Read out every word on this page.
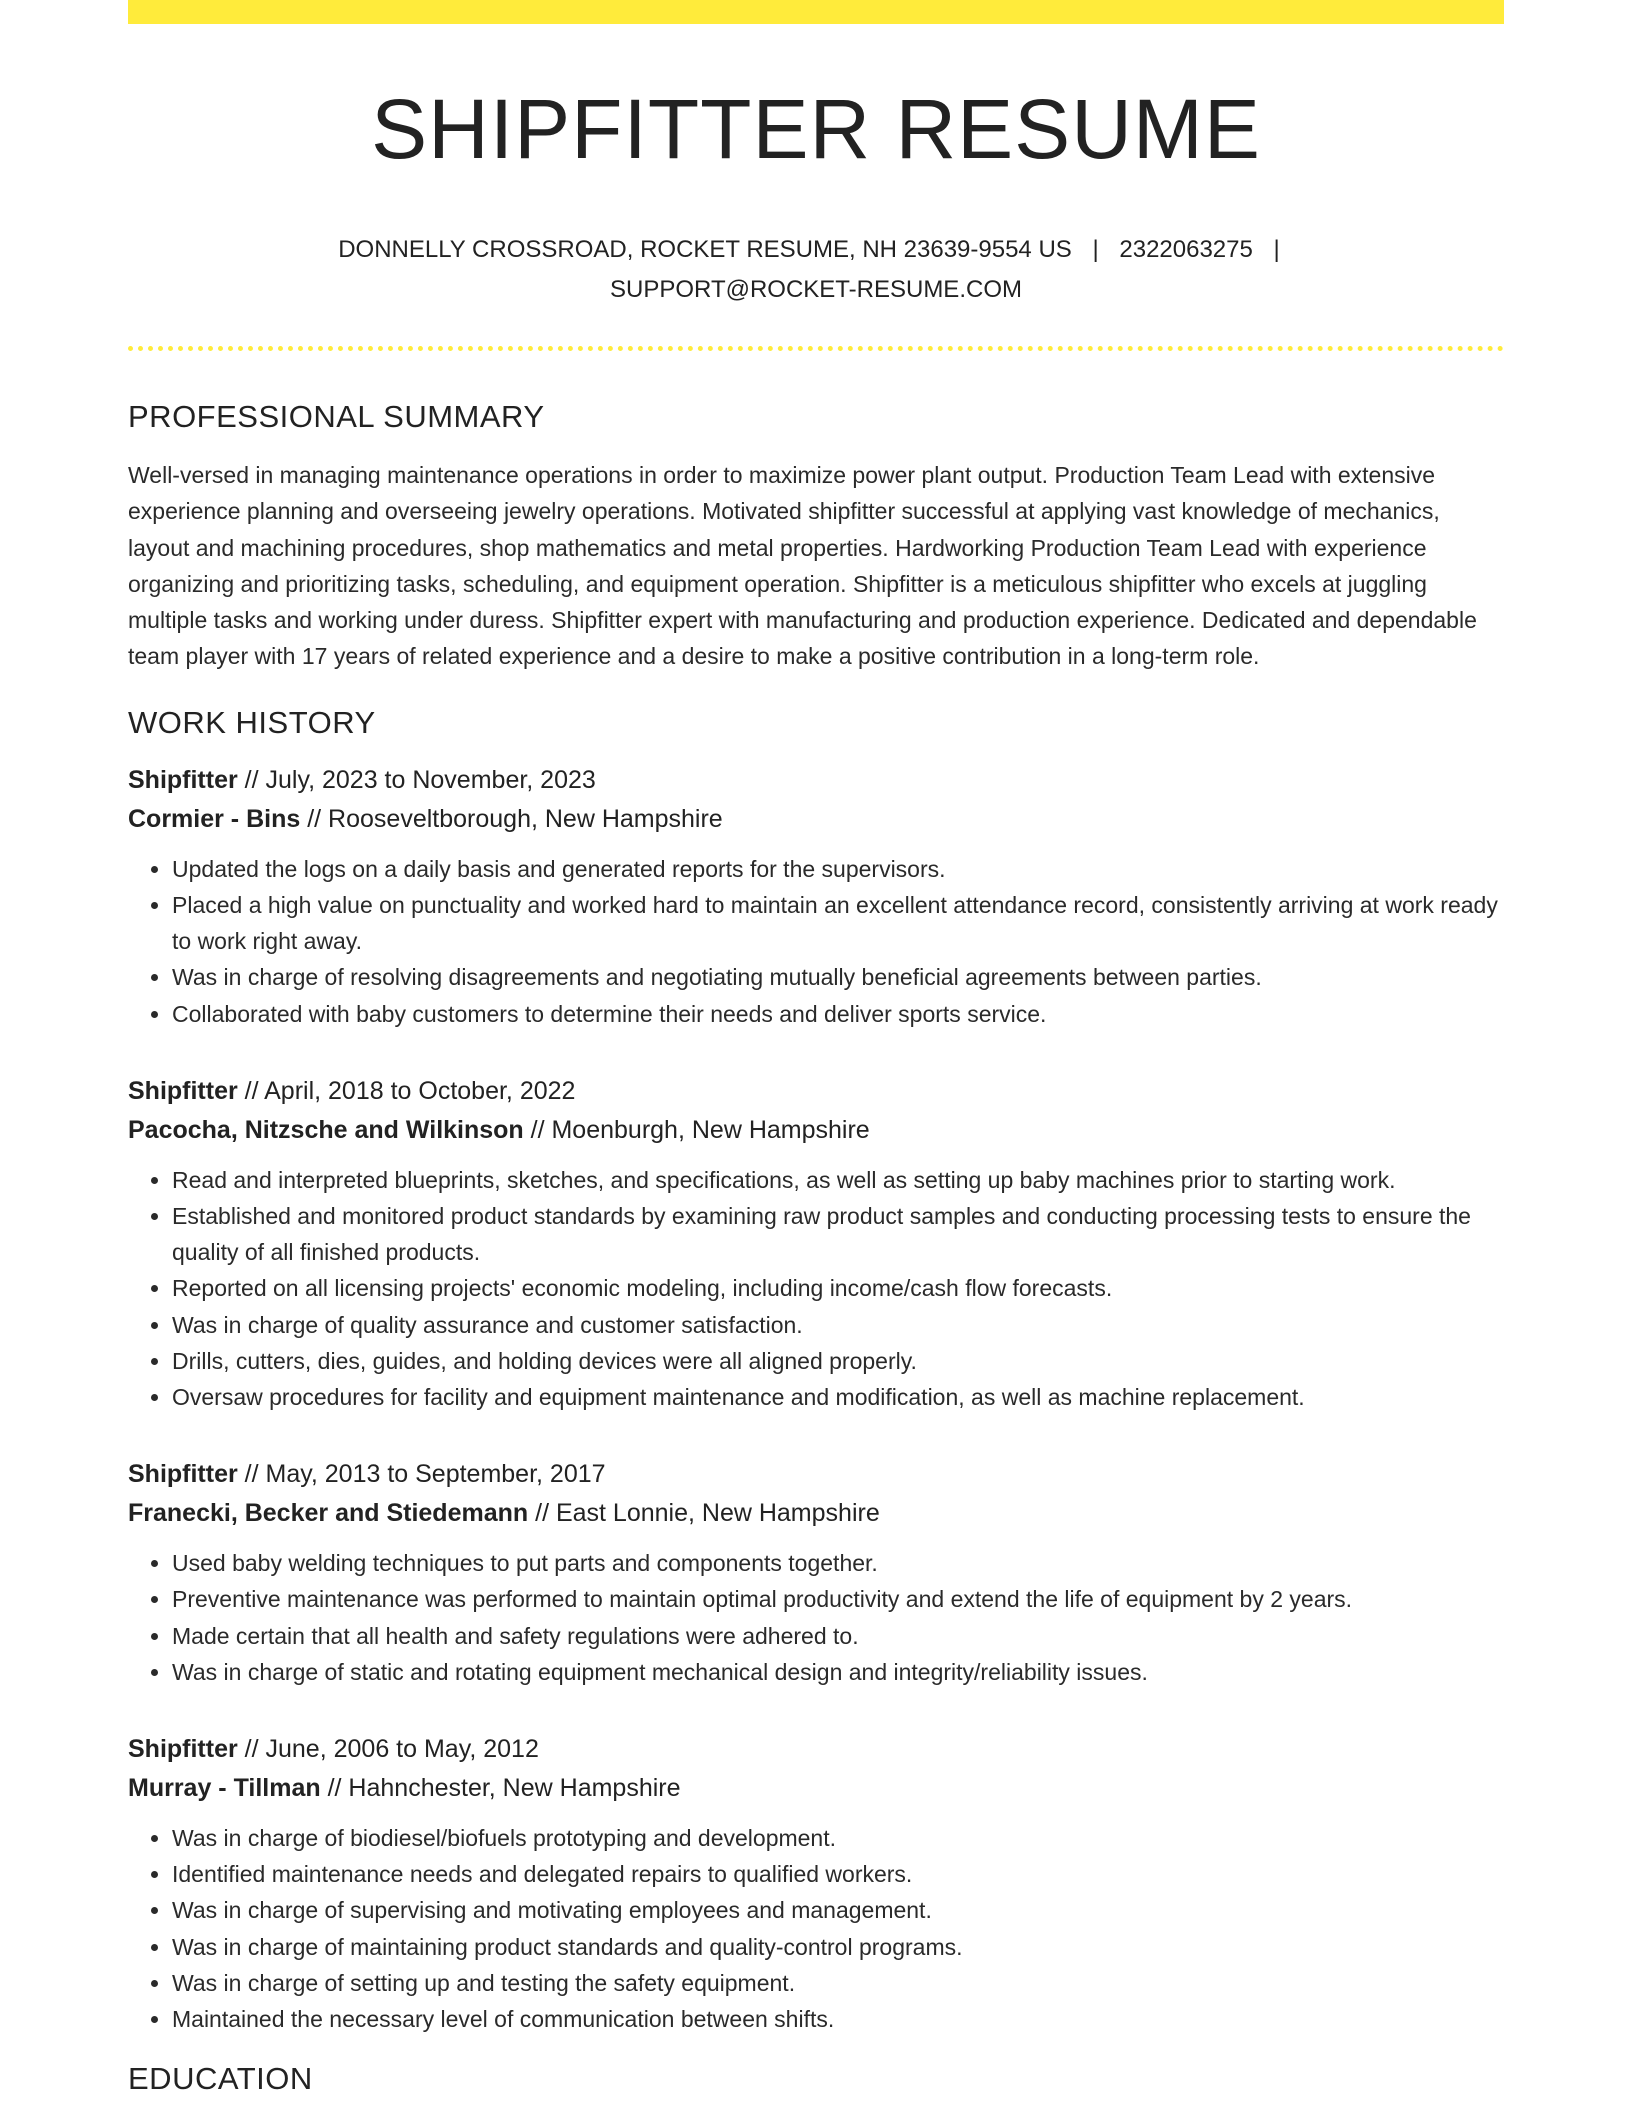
SHIPFITTER RESUME
DONNELLY CROSSROAD, ROCKET RESUME, NH 23639-9554 US | 2322063275 |
SUPPORT@ROCKET-RESUME.COM
PROFESSIONAL SUMMARY

Well-versed in managing maintenance operations in order to maximize power plant output. Production Team Lead with extensive experience planning and overseeing jewelry operations. Motivated shipfitter successful at applying vast knowledge of mechanics, layout and machining procedures, shop mathematics and metal properties. Hardworking Production Team Lead with experience organizing and prioritizing tasks, scheduling, and equipment operation. Shipfitter is a meticulous shipfitter who excels at juggling multiple tasks and working under duress. Shipfitter expert with manufacturing and production experience. Dedicated and dependable team player with 17 years of related experience and a desire to make a positive contribution in a long-term role.

WORK HISTORY
Shipfitter // July, 2023 to November, 2023
Cormier - Bins // Rooseveltborough, New Hampshire
• Updated the logs on a daily basis and generated reports for the supervisors.
• Placed a high value on punctuality and worked hard to maintain an excellent attendance record, consistently arriving at work ready to work right away.
• Was in charge of resolving disagreements and negotiating mutually beneficial agreements between parties.
• Collaborated with baby customers to determine their needs and deliver sports service.
Shipfitter // April, 2018 to October, 2022
Pacocha, Nitzsche and Wilkinson // Moenburgh, New Hampshire
• Read and interpreted blueprints, sketches, and specifications, as well as setting up baby machines prior to starting work.
• Established and monitored product standards by examining raw product samples and conducting processing tests to ensure the quality of all finished products.
• Reported on all licensing projects' economic modeling, including income/cash flow forecasts.
• Was in charge of quality assurance and customer satisfaction.
• Drills, cutters, dies, guides, and holding devices were all aligned properly.
• Oversaw procedures for facility and equipment maintenance and modification, as well as machine replacement.
Shipfitter // May, 2013 to September, 2017
Franecki, Becker and Stiedemann // East Lonnie, New Hampshire
• Used baby welding techniques to put parts and components together.
• Preventive maintenance was performed to maintain optimal productivity and extend the life of equipment by 2 years.
• Made certain that all health and safety regulations were adhered to.
• Was in charge of static and rotating equipment mechanical design and integrity/reliability issues.
Shipfitter // June, 2006 to May, 2012
Murray - Tillman // Hahnchester, New Hampshire
• Was in charge of biodiesel/biofuels prototyping and development.
• Identified maintenance needs and delegated repairs to qualified workers.
• Was in charge of supervising and motivating employees and management.
• Was in charge of maintaining product standards and quality-control programs.
• Was in charge of setting up and testing the safety equipment.
• Maintained the necessary level of communication between shifts.
EDUCATION
